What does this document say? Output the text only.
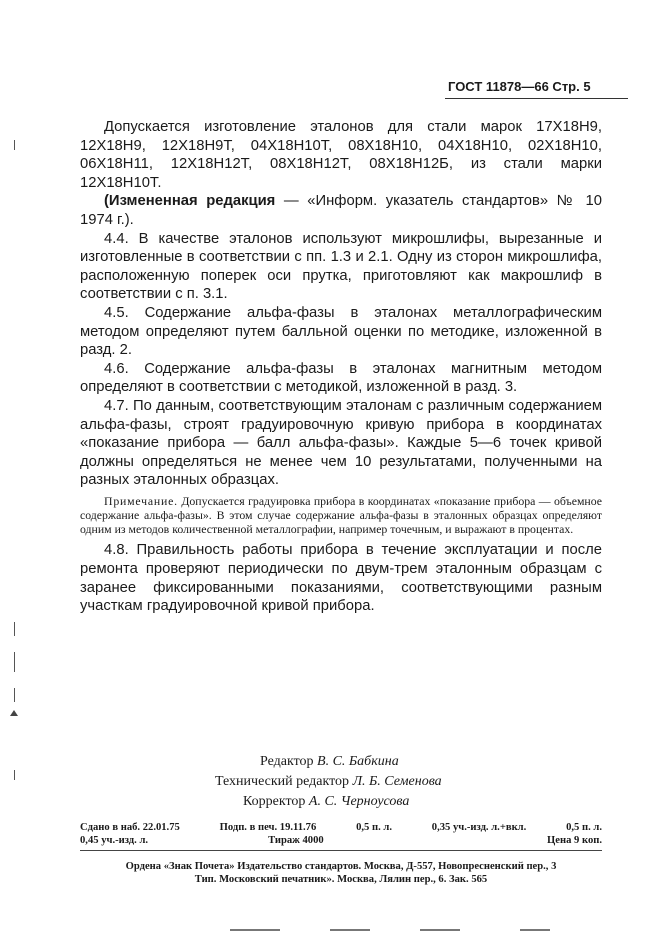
ГОСТ 11878—66 Стр. 5

Допускается изготовление эталонов для стали марок 17Х18Н9, 12Х18Н9, 12Х18Н9Т, 04Х18Н10Т, 08Х18Н10, 04Х18Н10, 02Х18Н10, 06Х18Н11, 12Х18Н12Т, 08Х18Н12Т, 08Х18Н12Б, из стали марки 12Х18Н10Т.

(Измененная редакция — «Информ. указатель стандартов» № 10 1974 г.).

4.4. В качестве эталонов используют микрошлифы, вырезанные и изготовленные в соответствии с пп. 1.3 и 2.1. Одну из сторон микрошлифа, расположенную поперек оси прутка, приготовляют как макрошлиф в соответствии с п. 3.1.

4.5. Содержание альфа-фазы в эталонах металлографическим методом определяют путем балльной оценки по методике, изложенной в разд. 2.

4.6. Содержание альфа-фазы в эталонах магнитным методом определяют в соответствии с методикой, изложенной в разд. 3.

4.7. По данным, соответствующим эталонам с различным содержанием альфа-фазы, строят градуировочную кривую прибора в координатах «показание прибора — балл альфа-фазы». Каждые 5—6 точек кривой должны определяться не менее чем 10 результатами, полученными на разных эталонных образцах.

Примечание. Допускается градуировка прибора в координатах «показание прибора — объемное содержание альфа-фазы». В этом случае содержание альфа-фазы в эталонных образцах определяют одним из методов количественной металлографии, например точечным, и выражают в процентах.

4.8. Правильность работы прибора в течение эксплуатации и после ремонта проверяют периодически по двум-трем эталонным образцам с заранее фиксированными показаниями, соответствующими разным участкам градуировочной кривой прибора.

Редактор В. С. Бабкина
Технический редактор Л. Б. Семенова
Корректор А. С. Черноусова
Сдано в наб. 22.01.75	Подп. в печ. 19.11.76	0,5 п. л.	0,35 уч.-изд. л.+вкл.	0,5 п. л.
0,45 уч.-изд. л.	Тираж 4000	Цена 9 коп.
Ордена «Знак Почета» Издательство стандартов. Москва, Д-557, Новопресненский пер., 3
Тип. Московский печатник». Москва, Лялин пер., 6. Зак. 565
